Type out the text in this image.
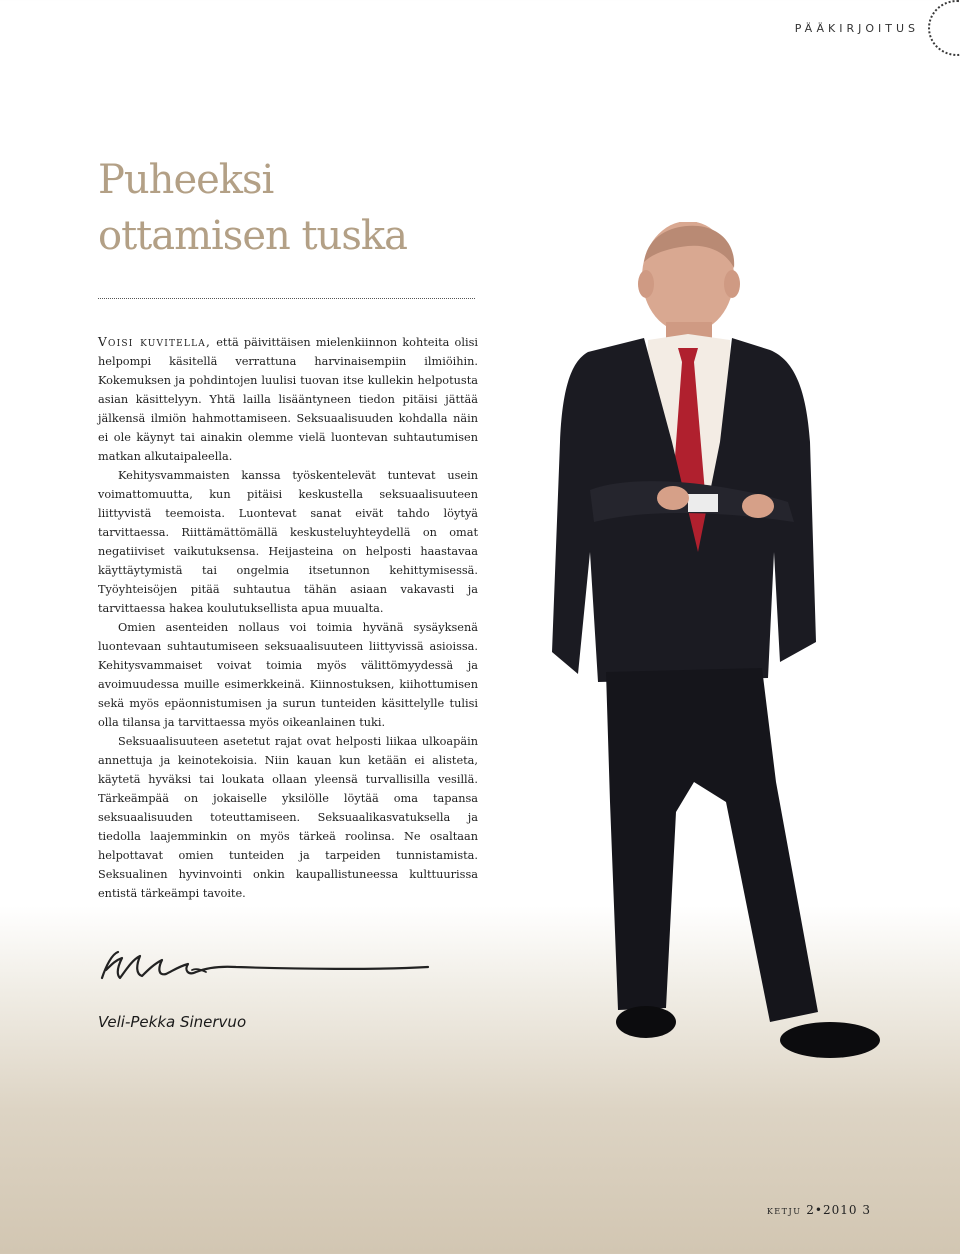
PÄÄKIRJOITUS
Puheeksi
ottamisen tuska

Voisi kuvitella, että päivittäisen mielenkiinnon kohteita olisi helpompi käsitellä verrattuna harvinaisempiin ilmiöihin. Kokemuksen ja pohdintojen luulisi tuovan itse kullekin helpotusta asian käsittelyyn. Yhtä lailla lisääntyneen tiedon pitäisi jättää jälkensä ilmiön hahmottamiseen. Seksuaalisuuden kohdalla näin ei ole käynyt tai ainakin olemme vielä luontevan suhtautumisen matkan alkutaipaleella.

Kehitysvammaisten kanssa työskentelevät tuntevat usein voimattomuutta, kun pitäisi keskustella seksuaalisuuteen liittyvistä teemoista. Luontevat sanat eivät tahdo löytyä tarvittaessa. Riittämättömällä keskusteluyhteydellä on omat negatiiviset vaikutuksensa. Heijasteina on helposti haastavaa käyttäytymistä tai ongelmia itsetunnon kehittymisessä. Työyhteisöjen pitää suhtautua tähän asiaan vakavasti ja tarvittaessa hakea koulutuksellista apua muualta.

Omien asenteiden nollaus voi toimia hyvänä sysäyksenä luontevaan suhtautumiseen seksuaalisuuteen liittyvissä asioissa. Kehitysvammaiset voivat toimia myös välittömyydessä ja avoimuudessa muille esimerkkeinä. Kiinnostuksen, kiihottumisen sekä myös epäonnistumisen ja surun tunteiden käsittelylle tulisi olla tilansa ja tarvittaessa myös oikeanlainen tuki.

Seksuaalisuuteen asetetut rajat ovat helposti liikaa ulkoapäin annettuja ja keinotekoisia. Niin kauan kun ketään ei alisteta, käytetä hyväksi tai loukata ollaan yleensä turvallisilla vesillä. Tärkeämpää on jokaiselle yksilölle löytää oma tapansa seksuaalisuuden toteuttamiseen. Seksuaalikasvatuksella ja tiedolla laajemminkin on myös tärkeä roolinsa. Ne osaltaan helpottavat omien tunteiden ja tarpeiden tunnistamista. Seksualinen hyvinvointi onkin kaupallistuneessa kulttuurissa entistä tärkeämpi tavoite.

Veli-Pekka Sinervuo
ketju 2•2010 3
